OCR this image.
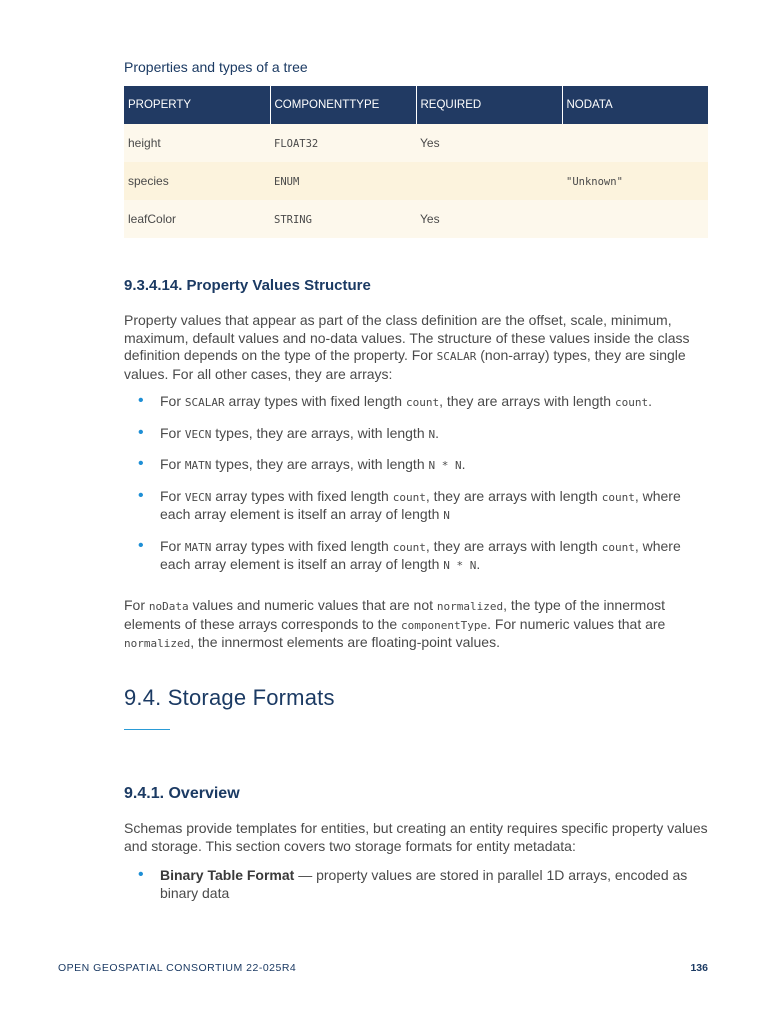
Properties and types of a tree
PROPERTY	COMPONENTTYPE	REQUIRED	NODATA
height	FLOAT32	Yes	
species	ENUM		"Unknown"
leafColor	STRING	Yes	
9.3.4.14. Property Values Structure

Property values that appear as part of the class definition are the offset, scale, minimum, maximum, default values and no-data values. The structure of these values inside the class definition depends on the type of the property. For SCALAR (non-array) types, they are single values. For all other cases, they are arrays:

• For SCALAR array types with fixed length count, they are arrays with length count.
• For VECN types, they are arrays, with length N.
• For MATN types, they are arrays, with length N * N.
• For VECN array types with fixed length count, they are arrays with length count, where each array element is itself an array of length N
• For MATN array types with fixed length count, they are arrays with length count, where each array element is itself an array of length N * N.

For noData values and numeric values that are not normalized, the type of the innermost elements of these arrays corresponds to the componentType. For numeric values that are normalized, the innermost elements are floating-point values.

9.4. Storage Formats
9.4.1. Overview

Schemas provide templates for entities, but creating an entity requires specific property values and storage. This section covers two storage formats for entity metadata:

• Binary Table Format — property values are stored in parallel 1D arrays, encoded as binary data
OPEN GEOSPATIAL CONSORTIUM 22-025R4	136
